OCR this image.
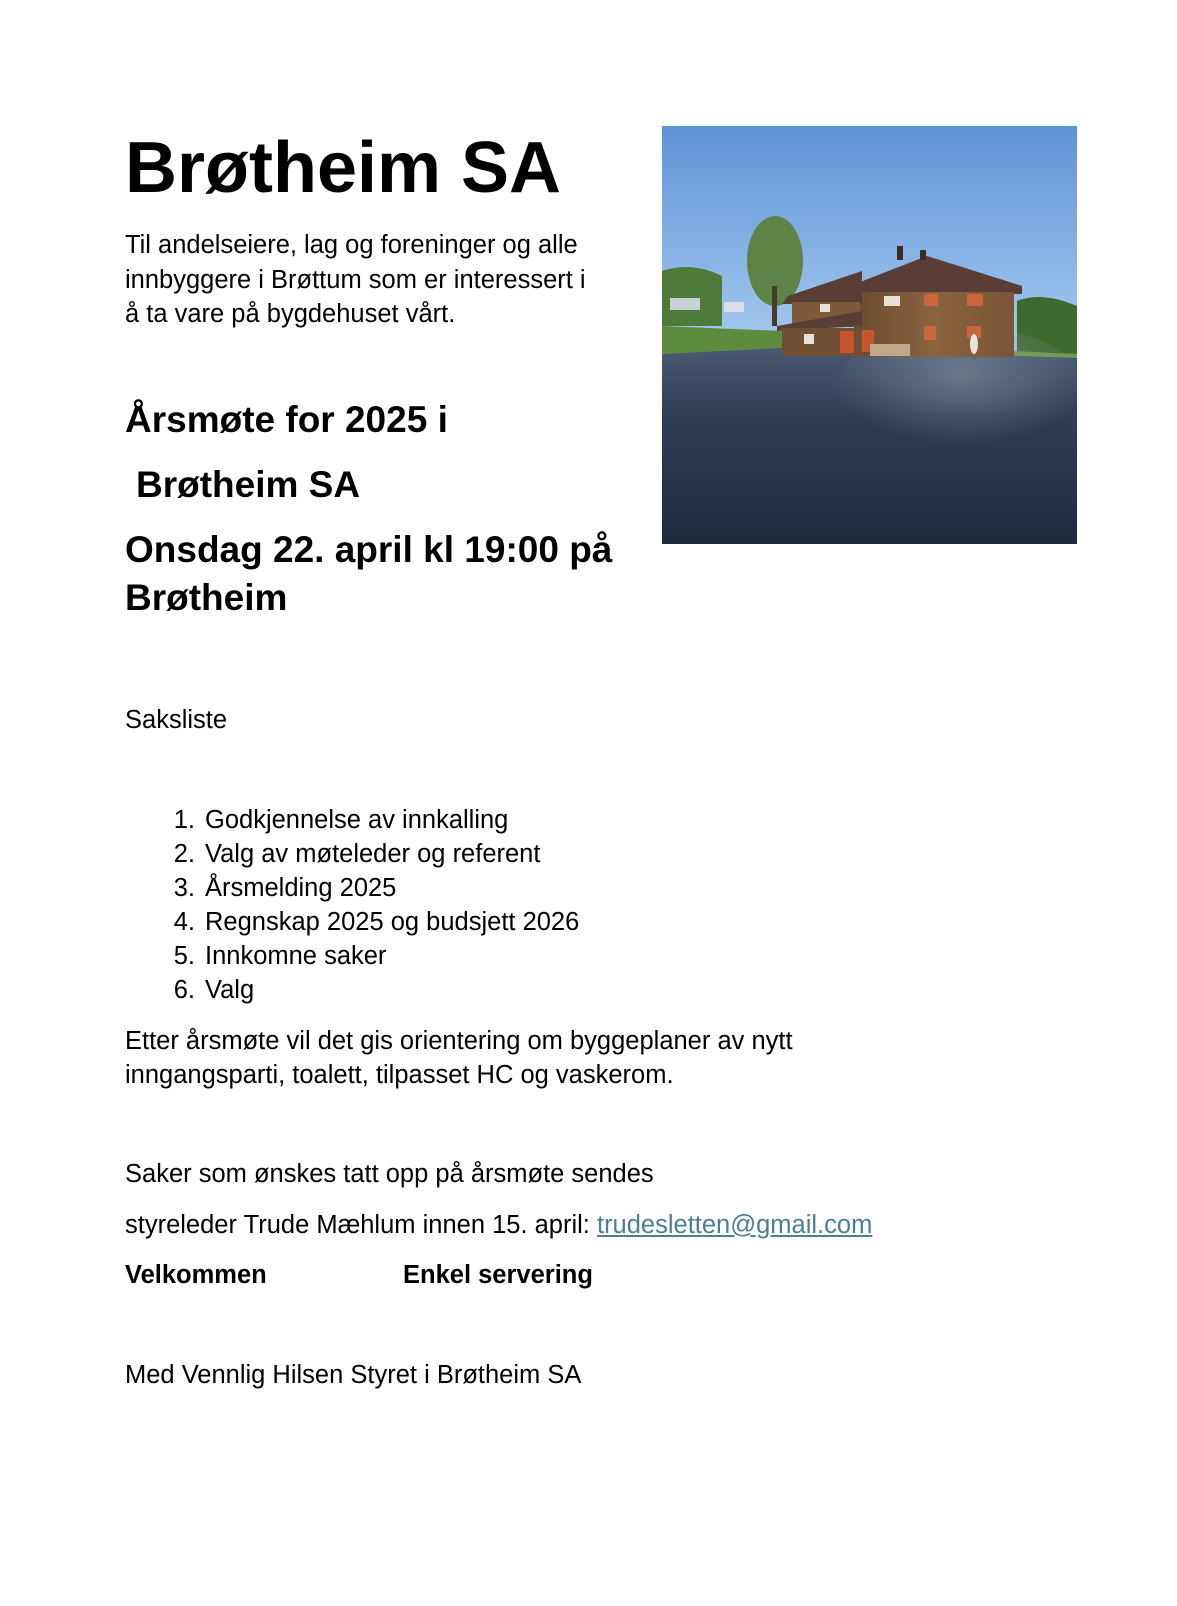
Brøtheim SA
Til andelseiere, lag og foreninger og alle
innbyggere i Brøttum som er interessert i
å ta vare på bygdehuset vårt.
Årsmøte for 2025 i
Brøtheim SA
Onsdag 22. april kl 19:00 på
Brøtheim
Saksliste
1. Godkjennelse av innkalling
2. Valg av møteleder og referent
3. Årsmelding 2025
4. Regnskap 2025 og budsjett 2026
5. Innkomne saker
6. Valg
Etter årsmøte vil det gis orientering om byggeplaner av nytt
inngangsparti, toalett, tilpasset HC og vaskerom.
Saker som ønskes tatt opp på årsmøte sendes
styreleder Trude Mæhlum innen 15. april: trudesletten@gmail.com
Velkommen	Enkel servering
Med Vennlig Hilsen Styret i Brøtheim SA
